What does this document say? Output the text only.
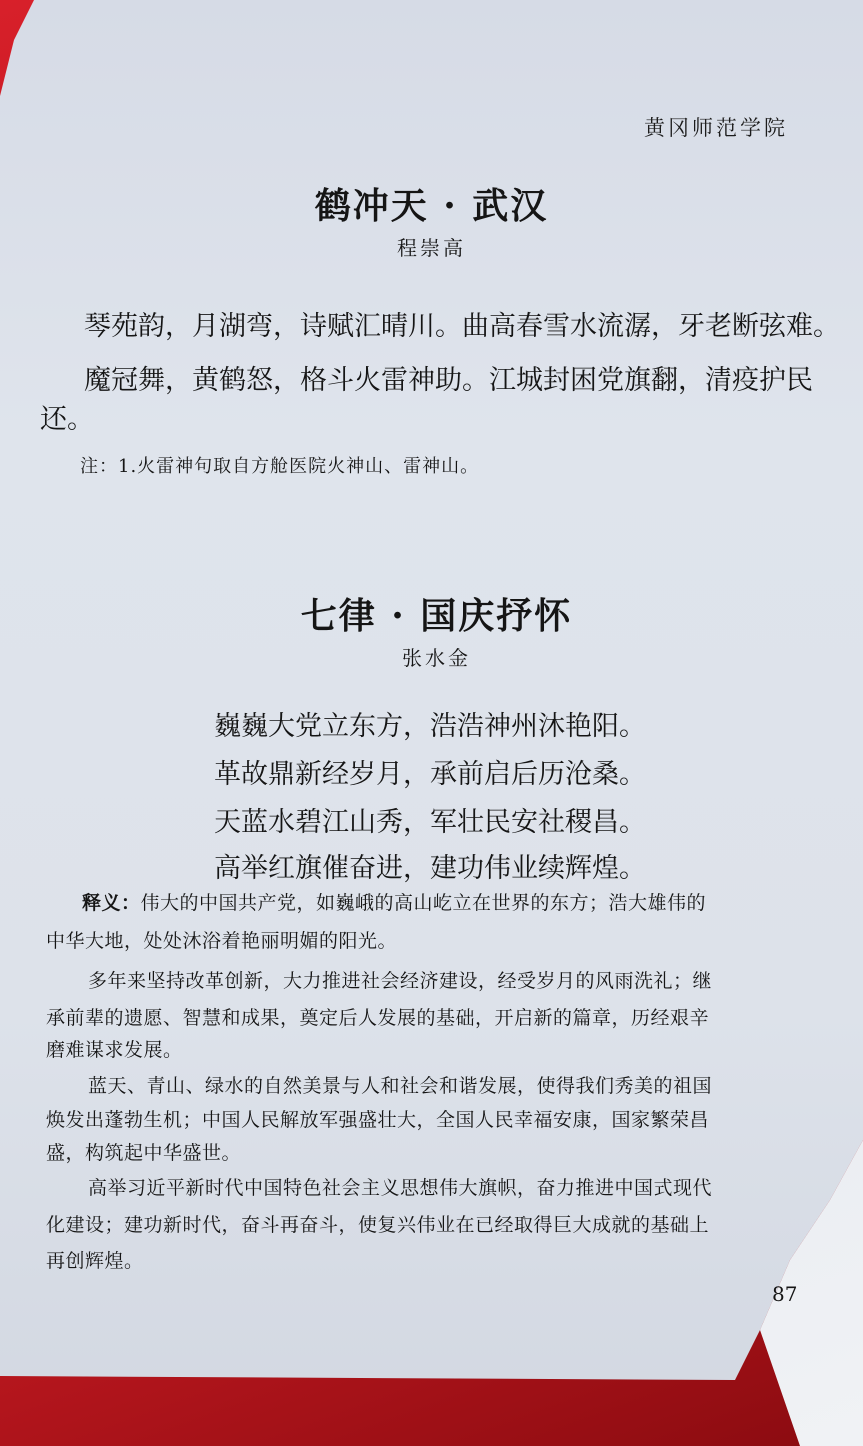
黄冈师范学院

鹤冲天 · 武汉

程崇高

琴苑韵，月湖弯，诗赋汇晴川。曲高春雪水流潺，牙老断弦难。

魔冠舞，黄鹤怒，格斗火雷神助。江城封困党旗翻，清疫护民

还。

注：1.火雷神句取自方舱医院火神山、雷神山。

七律 · 国庆抒怀

张水金

巍巍大党立东方，浩浩神州沐艳阳。

革故鼎新经岁月，承前启后历沧桑。

天蓝水碧江山秀，军壮民安社稷昌。

高举红旗催奋进，建功伟业续辉煌。

释义：伟大的中国共产党，如巍峨的高山屹立在世界的东方；浩大雄伟的

中华大地，处处沐浴着艳丽明媚的阳光。

多年来坚持改革创新，大力推进社会经济建设，经受岁月的风雨洗礼；继

承前辈的遗愿、智慧和成果，奠定后人发展的基础，开启新的篇章，历经艰辛

磨难谋求发展。

蓝天、青山、绿水的自然美景与人和社会和谐发展，使得我们秀美的祖国

焕发出蓬勃生机；中国人民解放军强盛壮大，全国人民幸福安康，国家繁荣昌

盛，构筑起中华盛世。

高举习近平新时代中国特色社会主义思想伟大旗帜，奋力推进中国式现代

化建设；建功新时代，奋斗再奋斗，使复兴伟业在已经取得巨大成就的基础上

再创辉煌。

87
